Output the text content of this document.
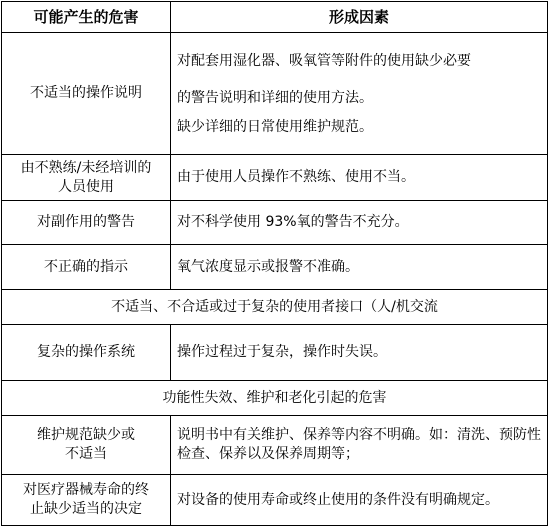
可能产生的危害	形成因素
不适当的操作说明	对配套用湿化器、吸氧管等附件的使用缺少必要
的警告说明和详细的使用方法。
缺少详细的日常使用维护规范。

由不熟练/未经培训的
人员使用	由于使用人员操作不熟练、使用不当。
对副作用的警告	对不科学使用 93%氧的警告不充分。
不正确的指示	氧气浓度显示或报警不准确。
不适当、不合适或过于复杂的使用者接口（人/机交流	
复杂的操作系统	操作过程过于复杂，操作时失误。
功能性失效、维护和老化引起的危害	

维护规范缺少或
不适当	说明书中有关维护、保养等内容不明确。如：清洗、预防性检查、保养以及保养周期等；

对医疗器械寿命的终
止缺少适当的决定	对设备的使用寿命或终止使用的条件没有明确规定。
